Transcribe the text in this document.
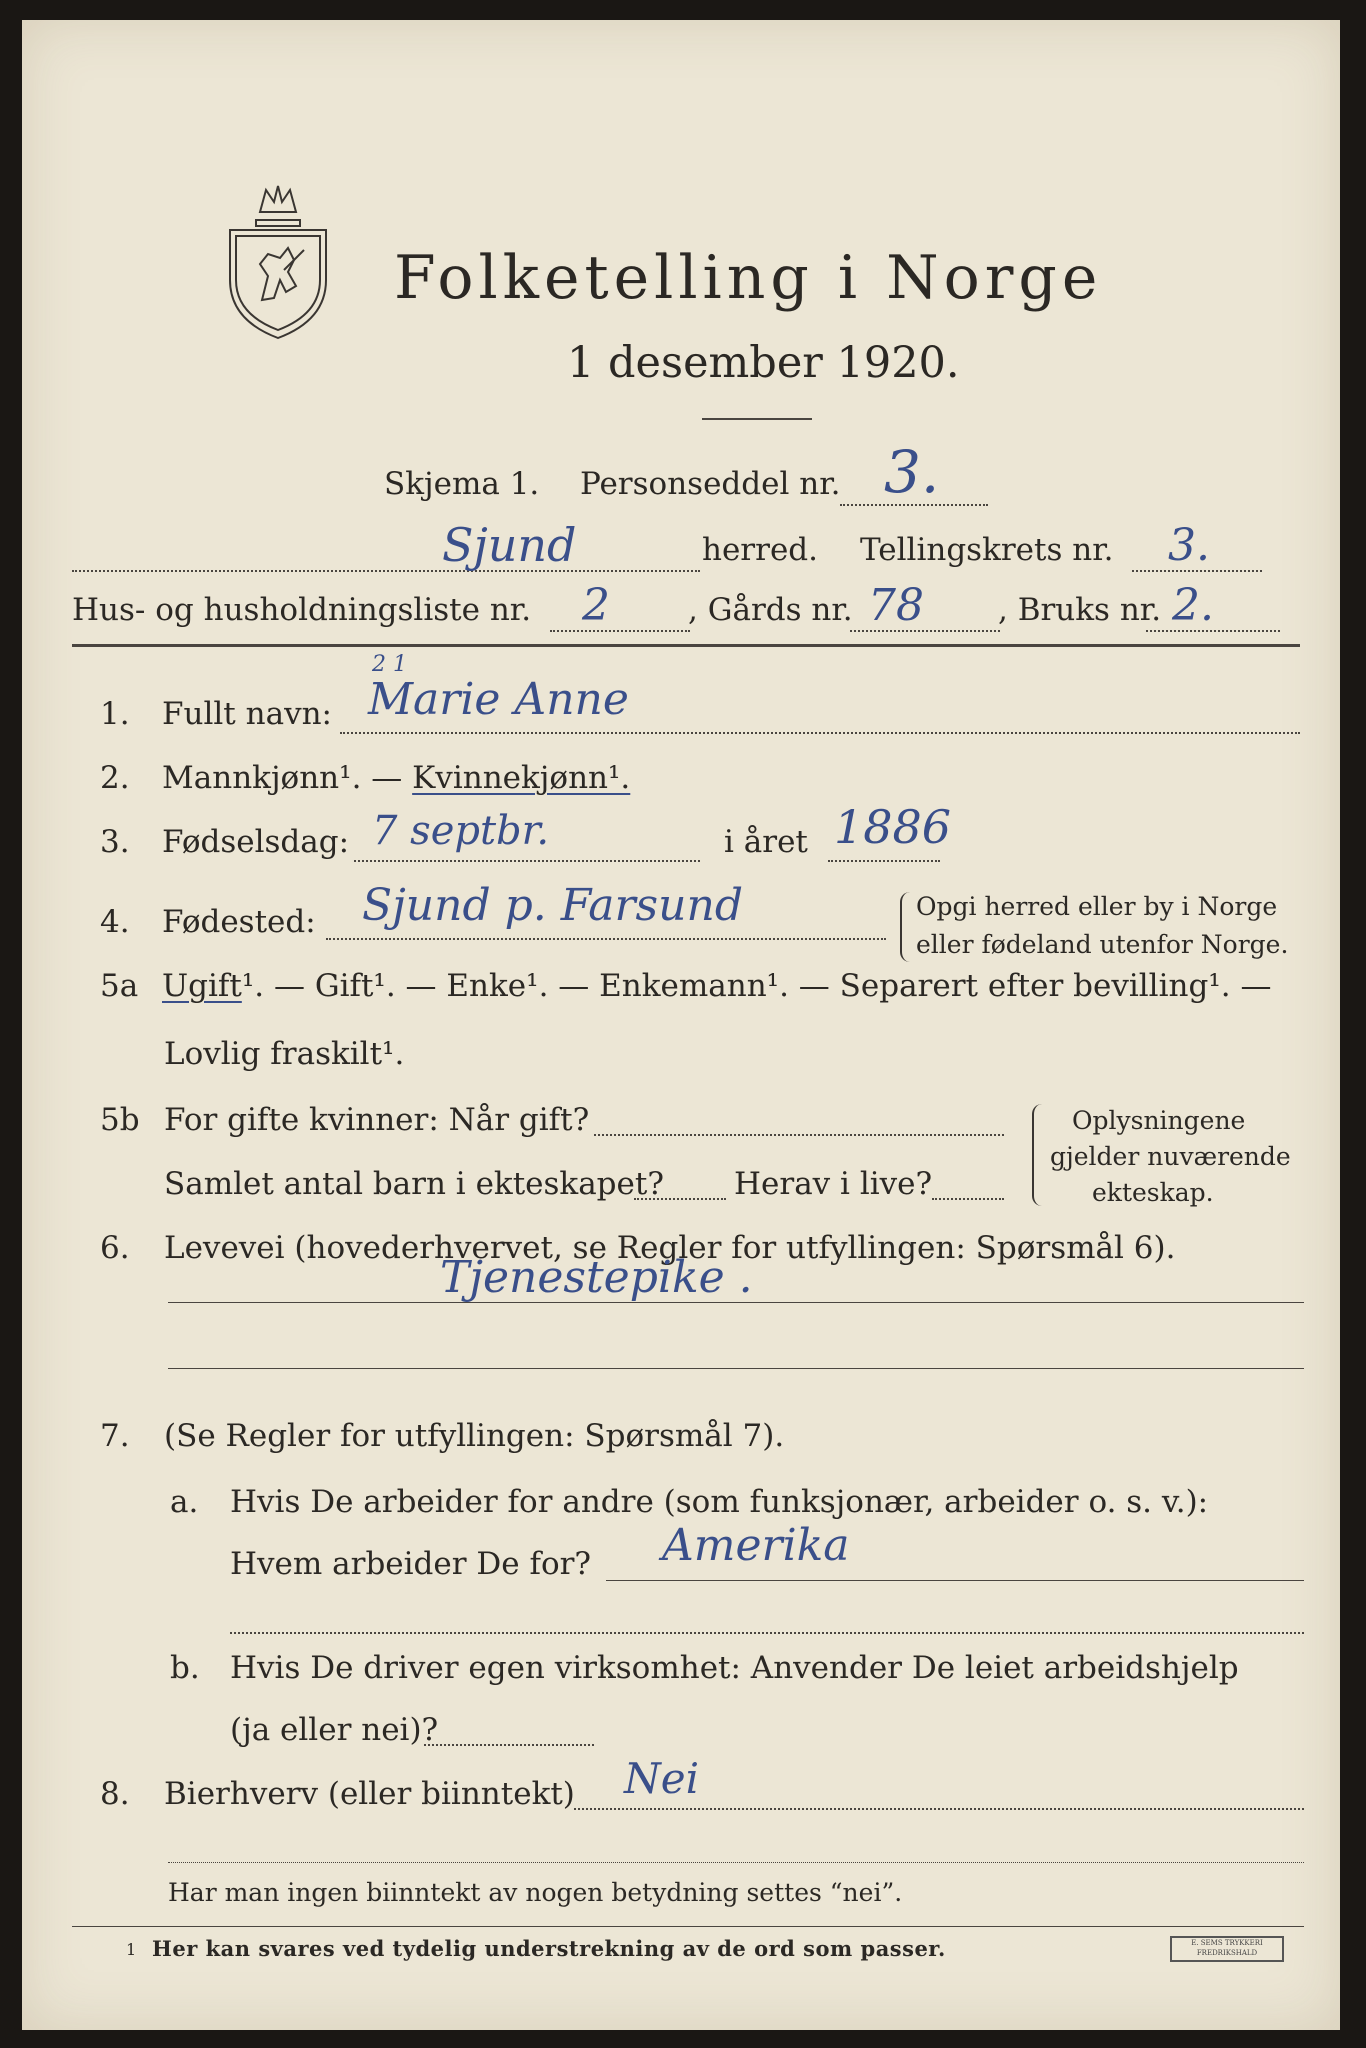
Folketelling i Norge
1 desember 1920.
Skjema 1. Personseddel nr. 3.
Sjund	herred. Tellingskrets nr. 3.
Hus- og husholdningsliste nr. 2	, Gårds nr. 78 , Bruks nr. 2.
1. Fullt navn:
2 1
Marie Anne
2. Mannkjønn¹. — Kvinnekjønn¹.
3. Fødselsdag: 7 septbr.	i året 1886
4. Fødested: Sjund p. Farsund	Opgi herred eller by i Norge
eller fødeland utenfor Norge.
5a Ugift¹. — Gift¹. — Enke¹. — Enkemann¹. — Separert efter bevilling¹. —
Lovlig fraskilt¹.
5b For gifte kvinner: Når gift?
Samlet antal barn i ekteskapet? Herav i live?
Oplysningene
gjelder nuværende
ekteskap.
6. Levevei (hovederhvervet, se Regler for utfyllingen: Spørsmål 6).
Tjenestepike .
7. (Se Regler for utfyllingen: Spørsmål 7).
a. Hvis De arbeider for andre (som funksjonær, arbeider o. s. v.):
Hvem arbeider De for? Amerika
b. Hvis De driver egen virksomhet: Anvender De leiet arbeidshjelp
(ja eller nei)?
8. Bierhverv (eller biinntekt) Nei
Har man ingen biinntekt av nogen betydning settes “nei”.
1 Her kan svares ved tydelig understrekning av de ord som passer.	E. SEMS TRYKKERI FREDRIKSHALD
